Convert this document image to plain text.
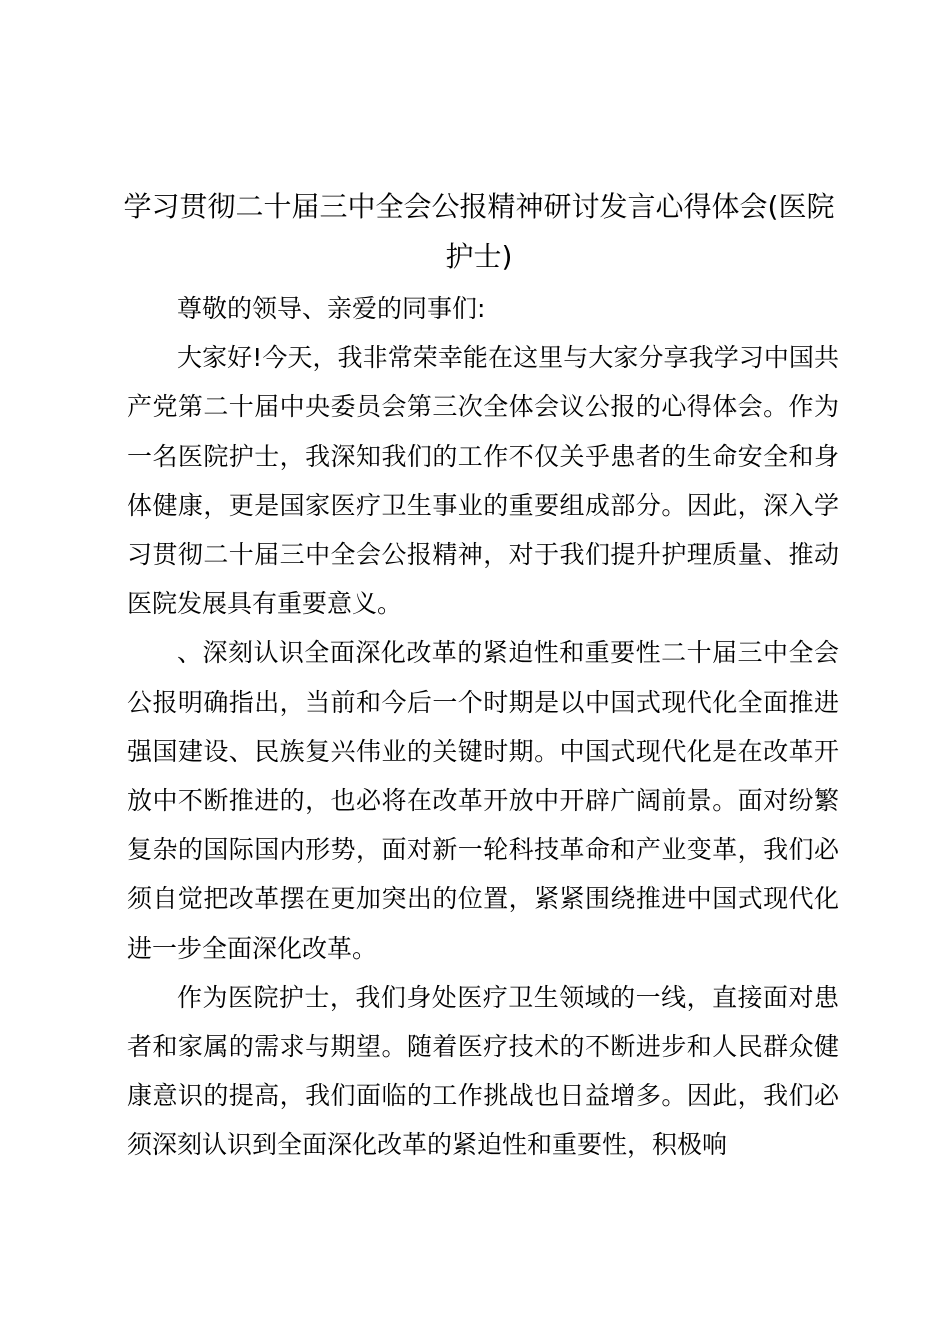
学习贯彻二十届三中全会公报精神研讨发言心得体会(医院护士)

尊敬的领导、亲爱的同事们:

大家好!今天，我非常荣幸能在这里与大家分享我学习中国共产党第二十届中央委员会第三次全体会议公报的心得体会。作为一名医院护士，我深知我们的工作不仅关乎患者的生命安全和身体健康，更是国家医疗卫生事业的重要组成部分。因此，深入学习贯彻二十届三中全会公报精神，对于我们提升护理质量、推动医院发展具有重要意义。

、深刻认识全面深化改革的紧迫性和重要性二十届三中全会公报明确指出，当前和今后一个时期是以中国式现代化全面推进强国建设、民族复兴伟业的关键时期。中国式现代化是在改革开放中不断推进的，也必将在改革开放中开辟广阔前景。面对纷繁复杂的国际国内形势，面对新一轮科技革命和产业变革，我们必须自觉把改革摆在更加突出的位置，紧紧围绕推进中国式现代化进一步全面深化改革。

作为医院护士，我们身处医疗卫生领域的一线，直接面对患者和家属的需求与期望。随着医疗技术的不断进步和人民群众健康意识的提高，我们面临的工作挑战也日益增多。因此，我们必须深刻认识到全面深化改革的紧迫性和重要性，积极响
